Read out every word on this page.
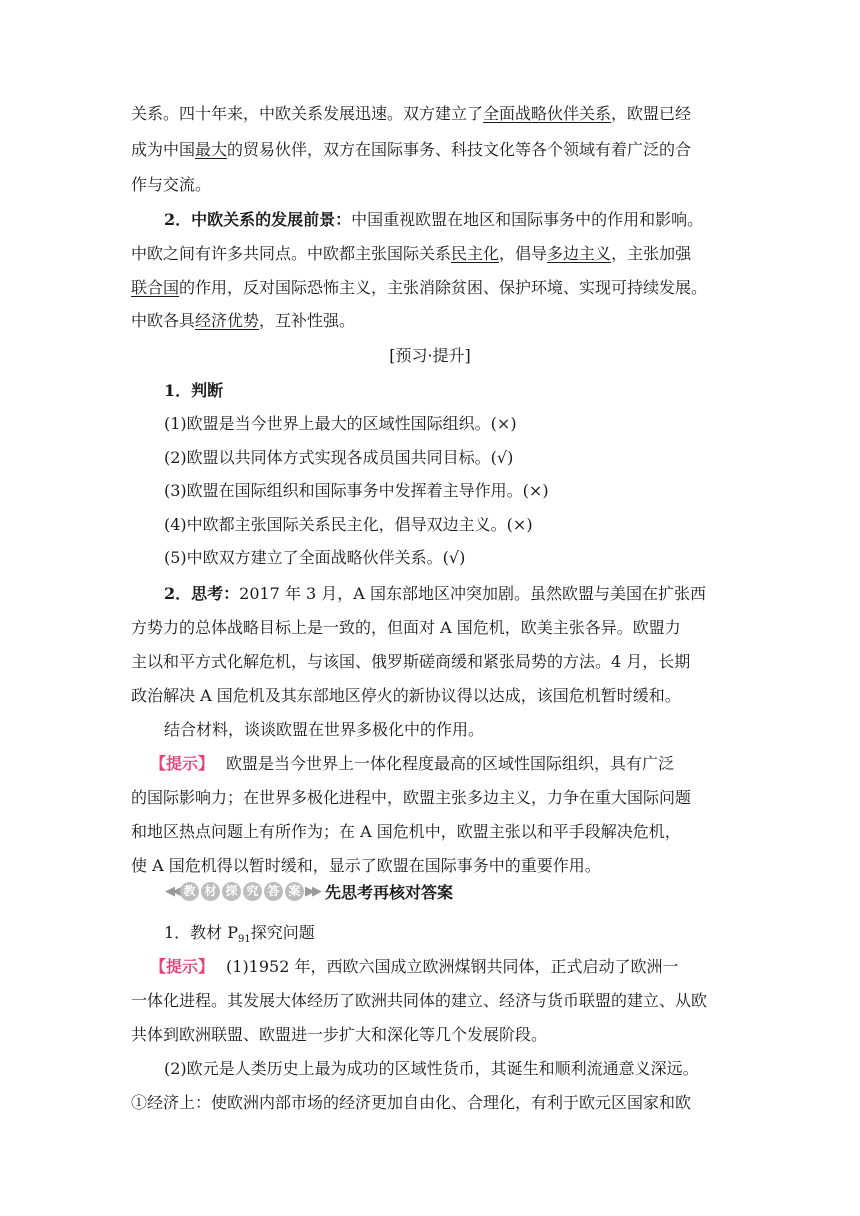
关系。四十年来，中欧关系发展迅速。双方建立了全面战略伙伴关系，欧盟已经
成为中国最大的贸易伙伴，双方在国际事务、科技文化等各个领域有着广泛的合
作与交流。
2．中欧关系的发展前景：中国重视欧盟在地区和国际事务中的作用和影响。
中欧之间有许多共同点。中欧都主张国际关系民主化，倡导多边主义，主张加强
联合国的作用，反对国际恐怖主义，主张消除贫困、保护环境、实现可持续发展。
中欧各具经济优势，互补性强。
[预习·提升]
1．判断
(1)欧盟是当今世界上最大的区域性国际组织。(×)
(2)欧盟以共同体方式实现各成员国共同目标。(√)
(3)欧盟在国际组织和国际事务中发挥着主导作用。(×)
(4)中欧都主张国际关系民主化，倡导双边主义。(×)
(5)中欧双方建立了全面战略伙伴关系。(√)
2．思考：2017 年 3 月，A 国东部地区冲突加剧。虽然欧盟与美国在扩张西
方势力的总体战略目标上是一致的，但面对 A 国危机，欧美主张各异。欧盟力
主以和平方式化解危机，与该国、俄罗斯磋商缓和紧张局势的方法。4 月，长期
政治解决 A 国危机及其东部地区停火的新协议得以达成，该国危机暂时缓和。
结合材料，谈谈欧盟在世界多极化中的作用。
【提示】 欧盟是当今世界上一体化程度最高的区域性国际组织，具有广泛
的国际影响力；在世界多极化进程中，欧盟主张多边主义，力争在重大国际问题
和地区热点问题上有所作为；在 A 国危机中，欧盟主张以和平手段解决危机，
使 A 国危机得以暂时缓和，显示了欧盟在国际事务中的重要作用。
◀◀ 教 材 探 究 答 案 ▶▶ 先思考再核对答案
1．教材 $P_{91}$探究问题
【提示】 (1)1952 年，西欧六国成立欧洲煤钢共同体，正式启动了欧洲一
一体化进程。其发展大体经历了欧洲共同体的建立、经济与货币联盟的建立、从欧
共体到欧洲联盟、欧盟进一步扩大和深化等几个发展阶段。
(2)欧元是人类历史上最为成功的区域性货币，其诞生和顺利流通意义深远。
①经济上：使欧洲内部市场的经济更加自由化、合理化，有利于欧元区国家和欧
